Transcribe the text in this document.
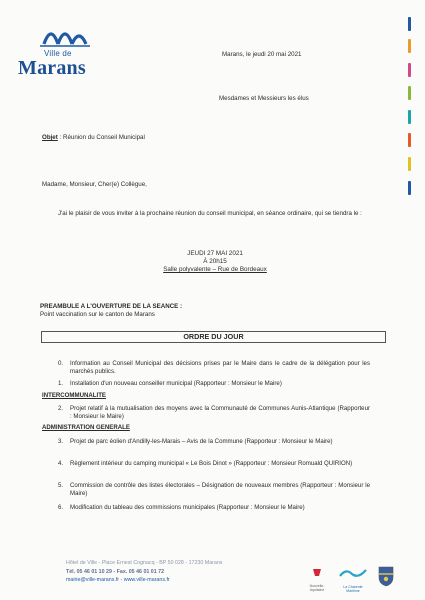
Ville de
Marans
Marans, le jeudi 20 mai 2021
Mesdames et Messieurs les élus
Objet : Réunion du Conseil Municipal
Madame, Monsieur, Cher(e) Collègue,
J'ai le plaisir de vous inviter à la prochaine réunion du conseil municipal, en séance ordinaire, qui se tiendra le :
JEUDI 27 MAI 2021
À 20h15
Salle polyvalente – Rue de Bordeaux
PREAMBULE A L'OUVERTURE DE LA SEANCE :
Point vaccination sur le canton de Marans
ORDRE DU JOUR
0. Information au Conseil Municipal des décisions prises par le Maire dans le cadre de la délégation pour les marchés publics.
1. Installation d'un nouveau conseiller municipal (Rapporteur : Monsieur le Maire)
INTERCOMMUNALITE
2. Projet relatif à la mutualisation des moyens avec la Communauté de Communes Aunis-Atlantique (Rapporteur : Monsieur le Maire)
ADMINISTRATION GENERALE
3. Projet de parc éolien d'Andilly-les-Marais – Avis de la Commune (Rapporteur : Monsieur le Maire)
4. Règlement intérieur du camping municipal « Le Bois Dinot » (Rapporteur : Monsieur Romuald QUIRION)
5. Commission de contrôle des listes électorales – Désignation de nouveaux membres (Rapporteur : Monsieur le Maire)
6. Modification du tableau des commissions municipales (Rapporteur : Monsieur le Maire)
Hôtel de Ville - Place Ernest Cognacq - BP 50 028 - 17230 Marans
Tél. 05 46 01 10 29 - Fax. 05 46 01 01 72
mairie@ville-marans.fr - www.ville-marans.fr
Nouvelle-Aquitaine
La Charente Maritime
